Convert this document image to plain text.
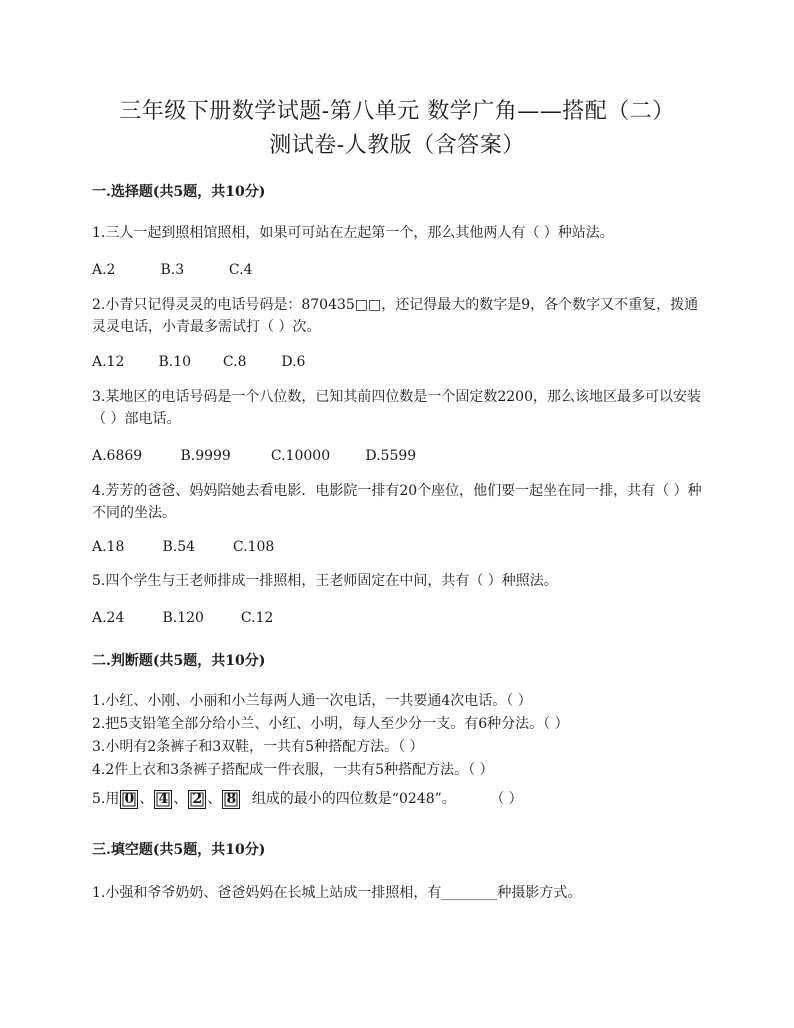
三年级下册数学试题-第八单元 数学广角——搭配（二）
测试卷-人教版（含答案）
一.选择题(共5题，共10分)
1.三人一起到照相馆照相，如果可可站在左起第一个，那么其他两人有（ ）种站法。
A.2	B.3	C.4
2.小青只记得灵灵的电话号码是：870435□□，还记得最大的数字是9，各个数字又不重复，拨通灵灵电话，小青最多需试打（ ）次。
A.12 B.10 C.8 D.6
3.某地区的电话号码是一个八位数，已知其前四位数是一个固定数2200，那么该地区最多可以安装（ ）部电话。
A.6869	B.9999	C.10000	D.5599
4.芳芳的爸爸、妈妈陪她去看电影．电影院一排有20个座位，他们要一起坐在同一排，共有（ ）种不同的坐法。
A.18	B.54	C.108
5.四个学生与王老师排成一排照相，王老师固定在中间，共有（ ）种照法。
A.24	B.120	C.12
二.判断题(共5题，共10分)
1.小红、小刚、小丽和小兰每两人通一次电话，一共要通4次电话。（ ）
2.把5支铅笔全部分给小兰、小红、小明，每人至少分一支。有6种分法。（ ）
3.小明有2条裤子和3双鞋，一共有5种搭配方法。（ ）
4.2件上衣和3条裤子搭配成一件衣服，一共有5种搭配方法。（ ）
5.用 0 、 4 、 2 、 8 组成的最小的四位数是“0248”。 （ ）
三.填空题(共5题，共10分)
1.小强和爷爷奶奶、爸爸妈妈在长城上站成一排照相，有________种摄影方式。
